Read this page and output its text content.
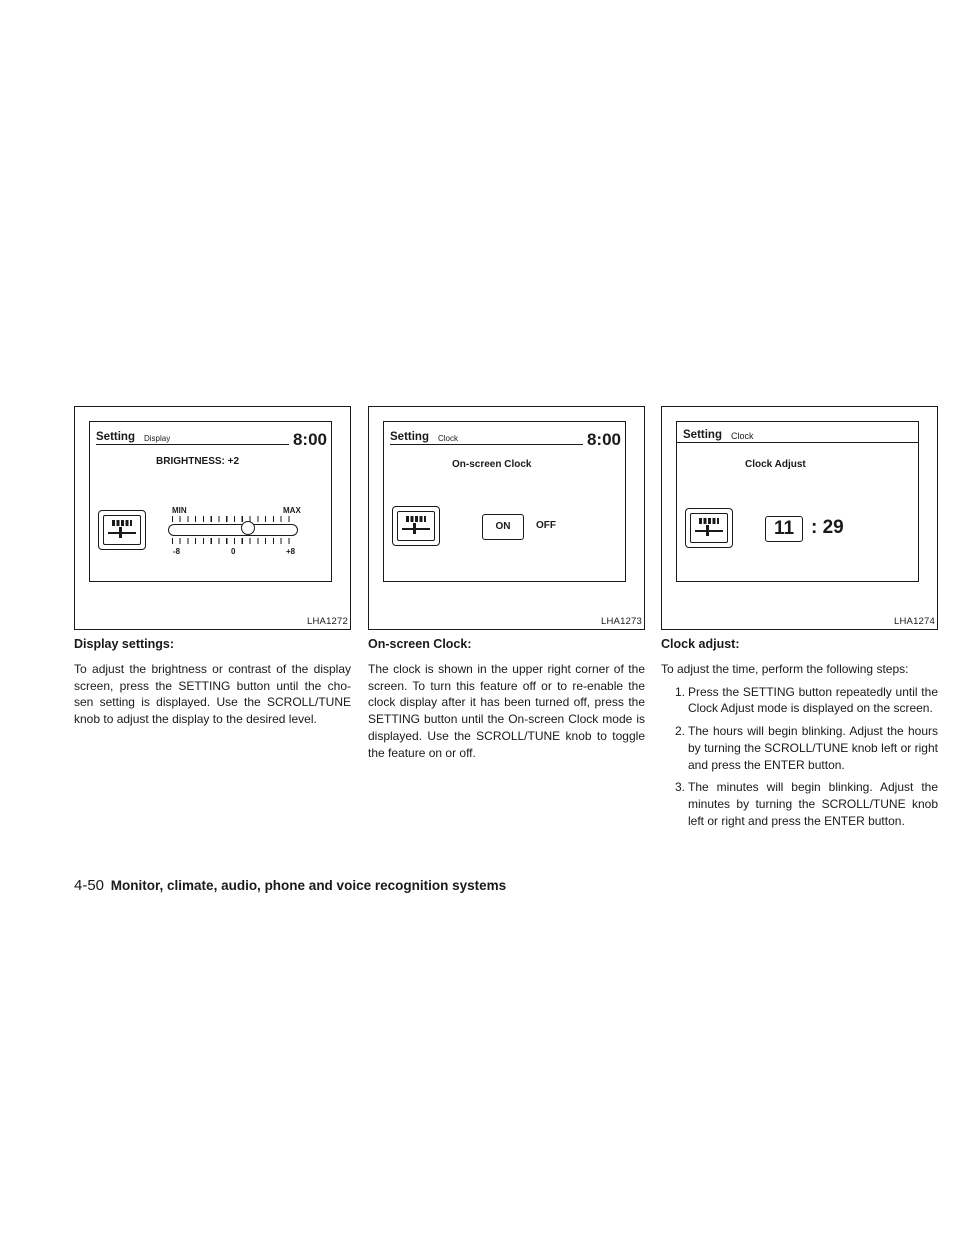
Setting Display	8:00
BRIGHTNESS: +2
MIN	MAX
-8	0	+8
LHA1272
Display settings:

To adjust the brightness or contrast of the display screen, press the SETTING button until the cho- sen setting is displayed. Use the SCROLL/TUNE knob to adjust the display to the desired level.

Setting Clock	8:00
On-screen Clock
ON	OFF
LHA1273
On-screen Clock:

The clock is shown in the upper right corner of the screen. To turn this feature off or to re-enable the clock display after it has been turned off, press the SETTING button until the On-screen Clock mode is displayed. Use the SCROLL/TUNE knob to toggle the feature on or off.

Setting Clock
Clock Adjust
11 : 29
LHA1274
Clock adjust:

To adjust the time, perform the following steps:

1. Press the SETTING button repeatedly until the Clock Adjust mode is displayed on the screen.
2. The hours will begin blinking. Adjust the hours by turning the SCROLL/TUNE knob left or right and press the ENTER button.
3. The minutes will begin blinking. Adjust the minutes by turning the SCROLL/TUNE knob left or right and press the ENTER button.
4-50 Monitor, climate, audio, phone and voice recognition systems
